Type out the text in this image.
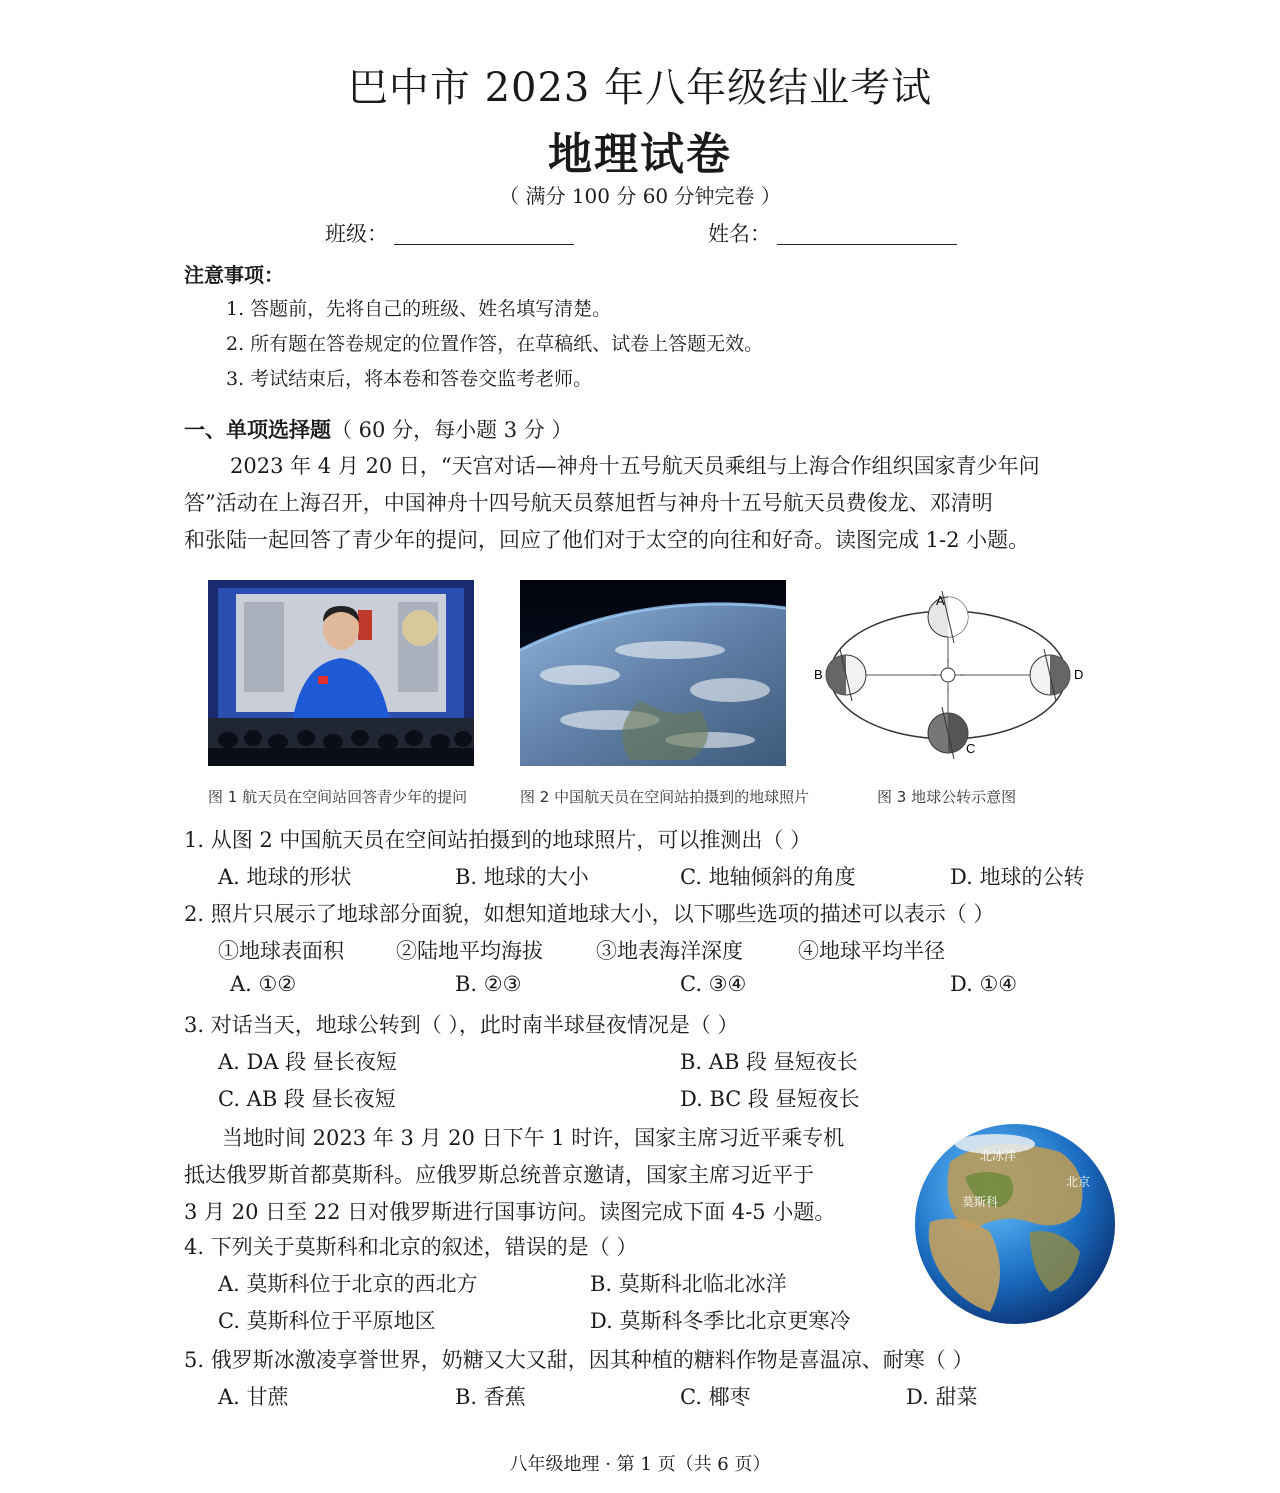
巴中市 2023 年八年级结业考试
地理试卷
（ 满分 100 分 60 分钟完卷 ）
班级：	姓名：
注意事项：
1. 答题前，先将自己的班级、姓名填写清楚。
2. 所有题在答卷规定的位置作答，在草稿纸、试卷上答题无效。
3. 考试结束后，将本卷和答卷交监考老师。
一、单项选择题（ 60 分，每小题 3 分 ）
2023 年 4 月 20 日，“天宫对话—神舟十五号航天员乘组与上海合作组织国家青少年问
答”活动在上海召开，中国神舟十四号航天员蔡旭哲与神舟十五号航天员费俊龙、邓清明
和张陆一起回答了青少年的提问，回应了他们对于太空的向往和好奇。读图完成 1-2 小题。
图 1 航天员在空间站回答青少年的提问	图 2 中国航天员在空间站拍摄到的地球照片
A
B
C
D
图 3 地球公转示意图
1. 从图 2 中国航天员在空间站拍摄到的地球照片，可以推测出（ ）
A. 地球的形状	B. 地球的大小	C. 地轴倾斜的角度	D. 地球的公转
2. 照片只展示了地球部分面貌，如想知道地球大小，以下哪些选项的描述可以表示（ ）
①地球表面积 ②陆地平均海拔	③地表海洋深度	④地球平均半径
A. ①②	B. ②③	C. ③④	D. ①④
3. 对话当天，地球公转到（ ），此时南半球昼夜情况是（ ）
A. DA 段 昼长夜短	B. AB 段 昼短夜长
C. AB 段 昼长夜短	D. BC 段 昼短夜长
当地时间 2023 年 3 月 20 日下午 1 时许，国家主席习近平乘专机
抵达俄罗斯首都莫斯科。应俄罗斯总统普京邀请，国家主席习近平于
3 月 20 日至 22 日对俄罗斯进行国事访问。读图完成下面 4-5 小题。
北冰洋
莫斯科
北京
4. 下列关于莫斯科和北京的叙述，错误的是（ ）
A. 莫斯科位于北京的西北方	B. 莫斯科北临北冰洋
C. 莫斯科位于平原地区	D. 莫斯科冬季比北京更寒冷
5. 俄罗斯冰激凌享誉世界，奶糖又大又甜，因其种植的糖料作物是喜温凉、耐寒（ ）
A. 甘蔗	B. 香蕉	C. 椰枣	D. 甜菜
八年级地理 · 第 1 页（共 6 页）
